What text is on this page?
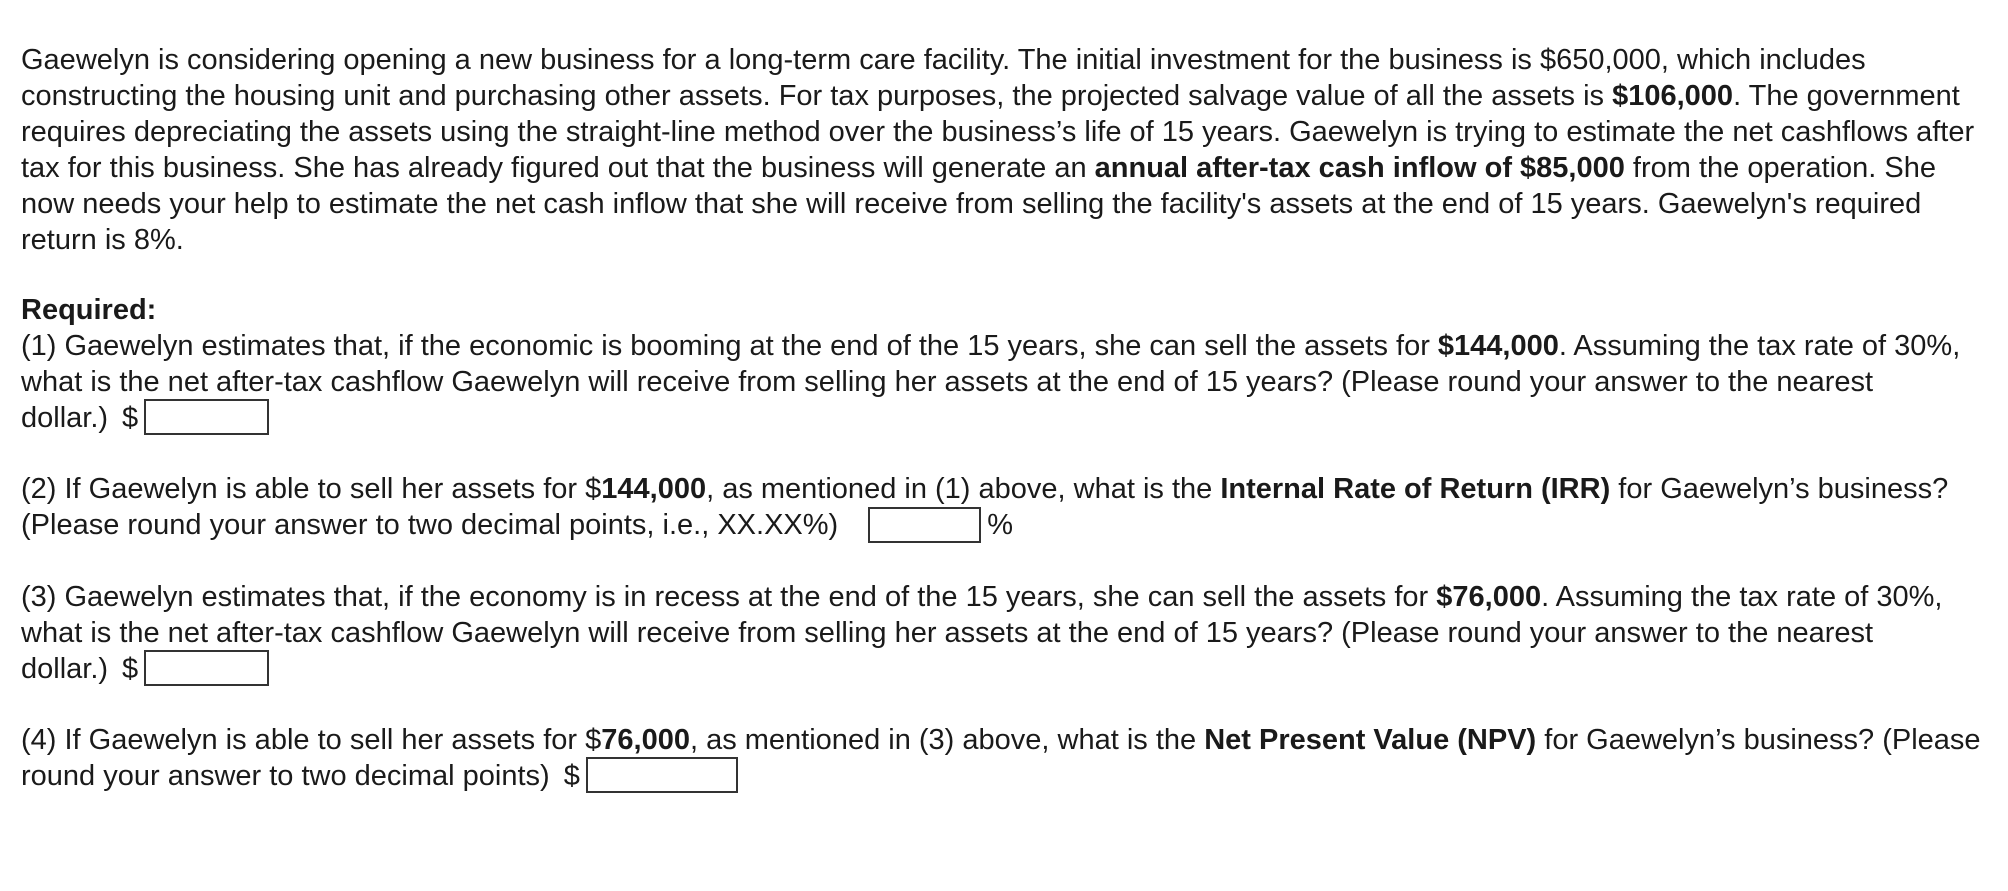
Gaewelyn is considering opening a new business for a long-term care facility. The initial investment for the business is $650,000, which includes constructing the housing unit and purchasing other assets. For tax purposes, the projected salvage value of all the assets is $106,000. The government requires depreciating the assets using the straight-line method over the business’s life of 15 years. Gaewelyn is trying to estimate the net cashflows after tax for this business. She has already figured out that the business will generate an annual after-tax cash inflow of $85,000 from the operation. She now needs your help to estimate the net cash inflow that she will receive from selling the facility's assets at the end of 15 years. Gaewelyn's required return is 8%.

Required:
(1) Gaewelyn estimates that, if the economic is booming at the end of the 15 years, she can sell the assets for $144,000. Assuming the tax rate of 30%, what is the net after-tax cashflow Gaewelyn will receive from selling her assets at the end of 15 years? (Please round your answer to the nearest dollar.) $

(2) If Gaewelyn is able to sell her assets for $144,000, as mentioned in (1) above, what is the Internal Rate of Return (IRR) for Gaewelyn’s business? (Please round your answer to two decimal points, i.e., XX.XX%)	%

(3) Gaewelyn estimates that, if the economy is in recess at the end of the 15 years, she can sell the assets for $76,000. Assuming the tax rate of 30%, what is the net after-tax cashflow Gaewelyn will receive from selling her assets at the end of 15 years? (Please round your answer to the nearest dollar.) $

(4) If Gaewelyn is able to sell her assets for $76,000, as mentioned in (3) above, what is the Net Present Value (NPV) for Gaewelyn’s business? (Please round your answer to two decimal points) $
